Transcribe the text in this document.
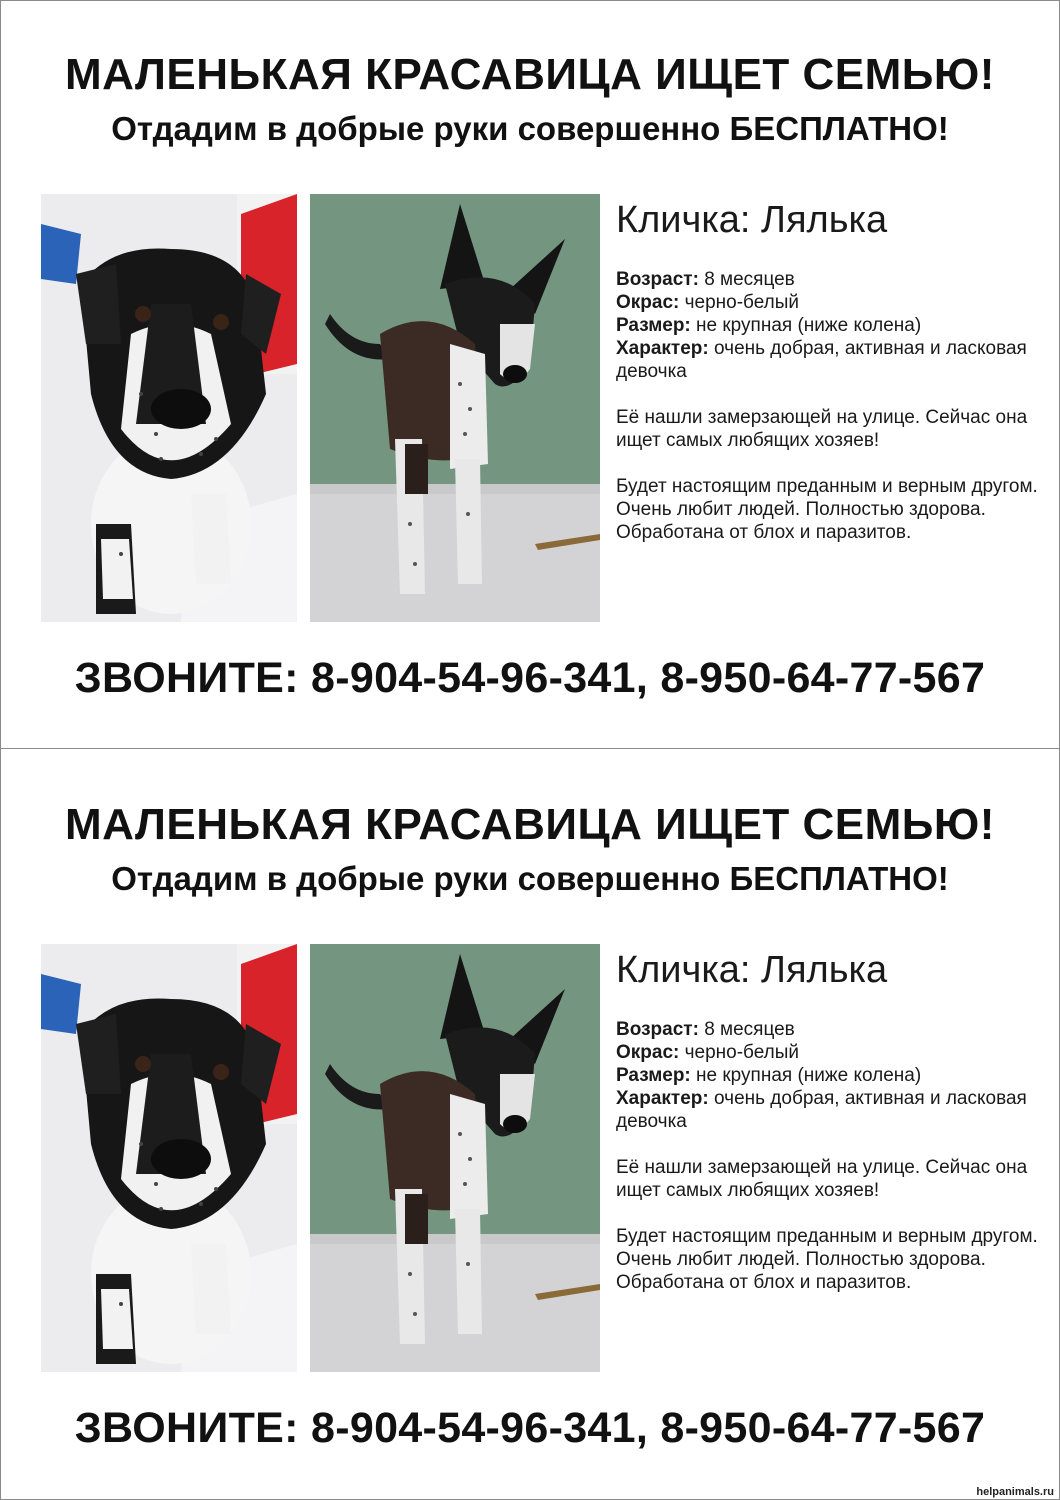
МАЛЕНЬКАЯ КРАСАВИЦА ИЩЕТ СЕМЬЮ!
Отдадим в добрые руки совершенно БЕСПЛАТНО!
Кличка: Лялька
Возраст: 8 месяцев
Окрас: черно-белый
Размер: не крупная (ниже колена)
Характер: очень добрая, активная и ласковая девочка
Её нашли замерзающей на улице. Сейчас она ищет самых любящих хозяев!
Будет настоящим преданным и верным другом. Очень любит людей. Полностью здорова. Обработана от блох и паразитов.
ЗВОНИТЕ: 8-904-54-96-341, 8-950-64-77-567
МАЛЕНЬКАЯ КРАСАВИЦА ИЩЕТ СЕМЬЮ!
Отдадим в добрые руки совершенно БЕСПЛАТНО!
Кличка: Лялька
Возраст: 8 месяцев
Окрас: черно-белый
Размер: не крупная (ниже колена)
Характер: очень добрая, активная и ласковая девочка
Её нашли замерзающей на улице. Сейчас она ищет самых любящих хозяев!
Будет настоящим преданным и верным другом. Очень любит людей. Полностью здорова. Обработана от блох и паразитов.
ЗВОНИТЕ: 8-904-54-96-341, 8-950-64-77-567
helpanimals.ru
